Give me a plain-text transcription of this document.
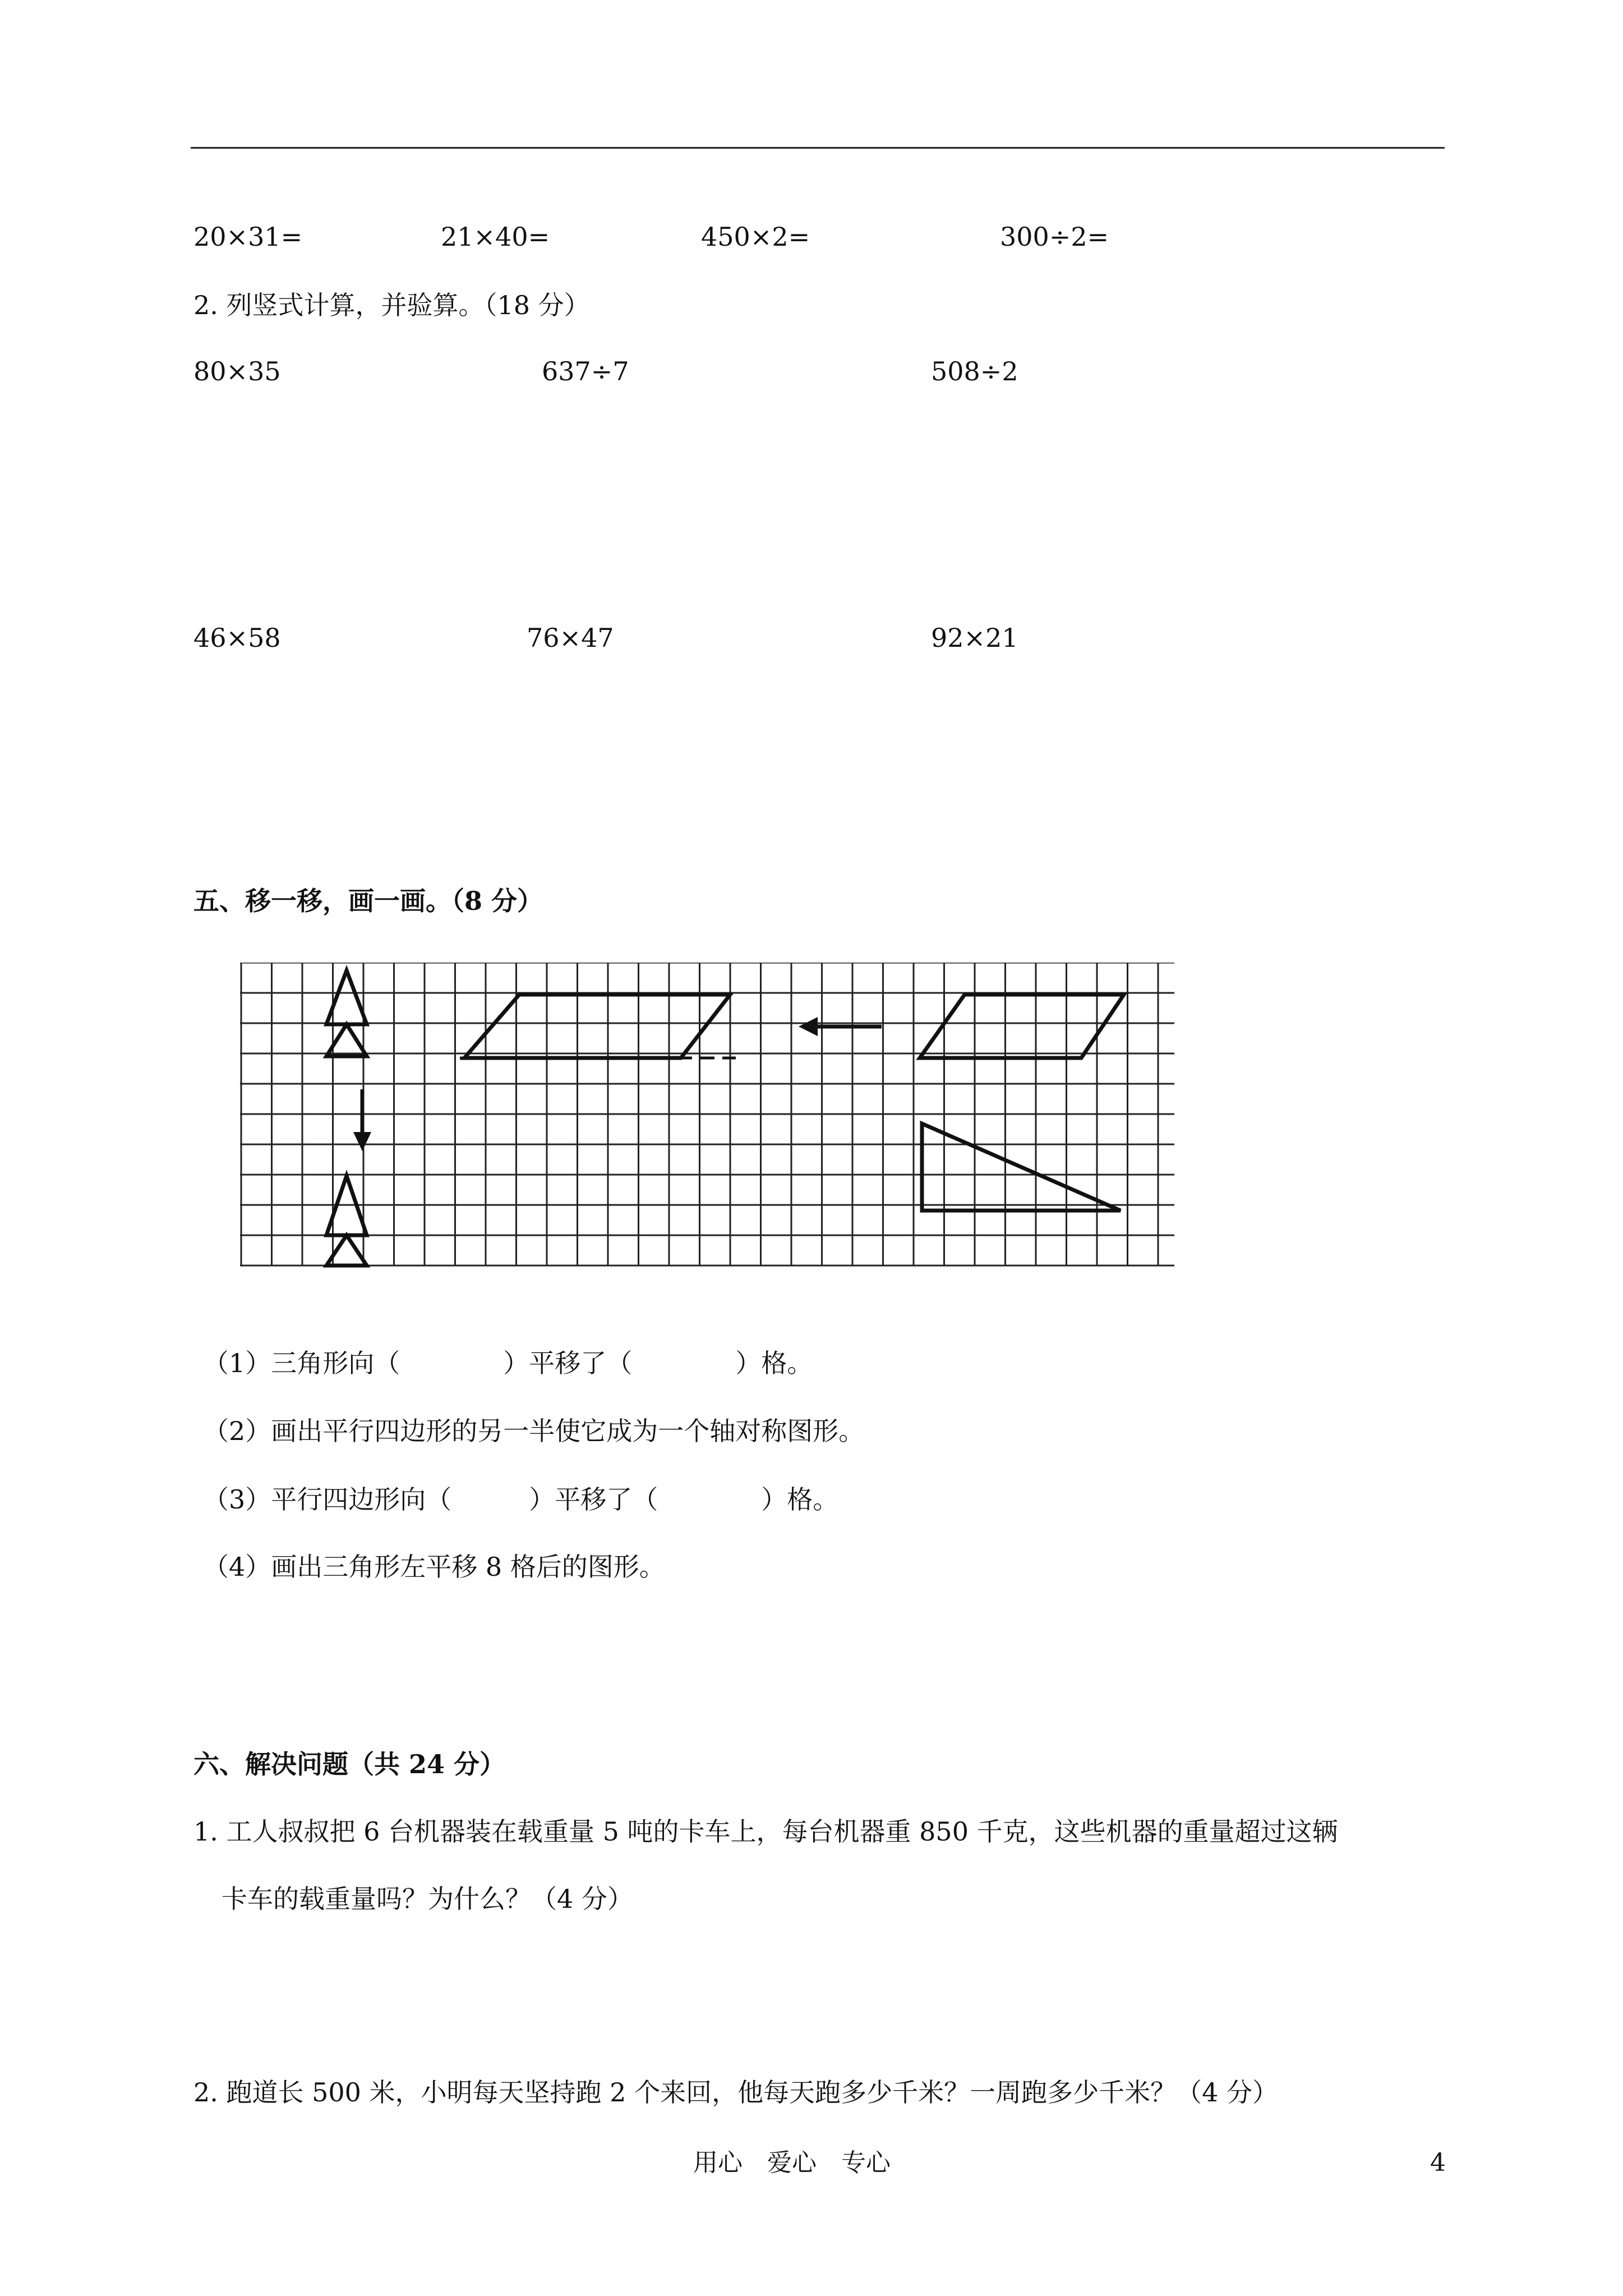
20×31=	21×40=	450×2=	300÷2=
2. 列竖式计算，并验算。（18 分）
80×35	637÷7	508÷2
46×58	76×47	92×21
五、移一移，画一画。（8 分）
（1）三角形向（　　　　）平移了（　　　　）格。
（2）画出平行四边形的另一半使它成为一个轴对称图形。
（3）平行四边形向（　　　）平移了（　　　　）格。
（4）画出三角形左平移 8 格后的图形。
六、解决问题（共 24 分）
1. 工人叔叔把 6 台机器装在载重量 5 吨的卡车上，每台机器重 850 千克，这些机器的重量超过这辆
卡车的载重量吗？为什么？（4 分）
2. 跑道长 500 米，小明每天坚持跑 2 个来回，他每天跑多少千米？一周跑多少千米？（4 分）
用心　爱心　专心	4
